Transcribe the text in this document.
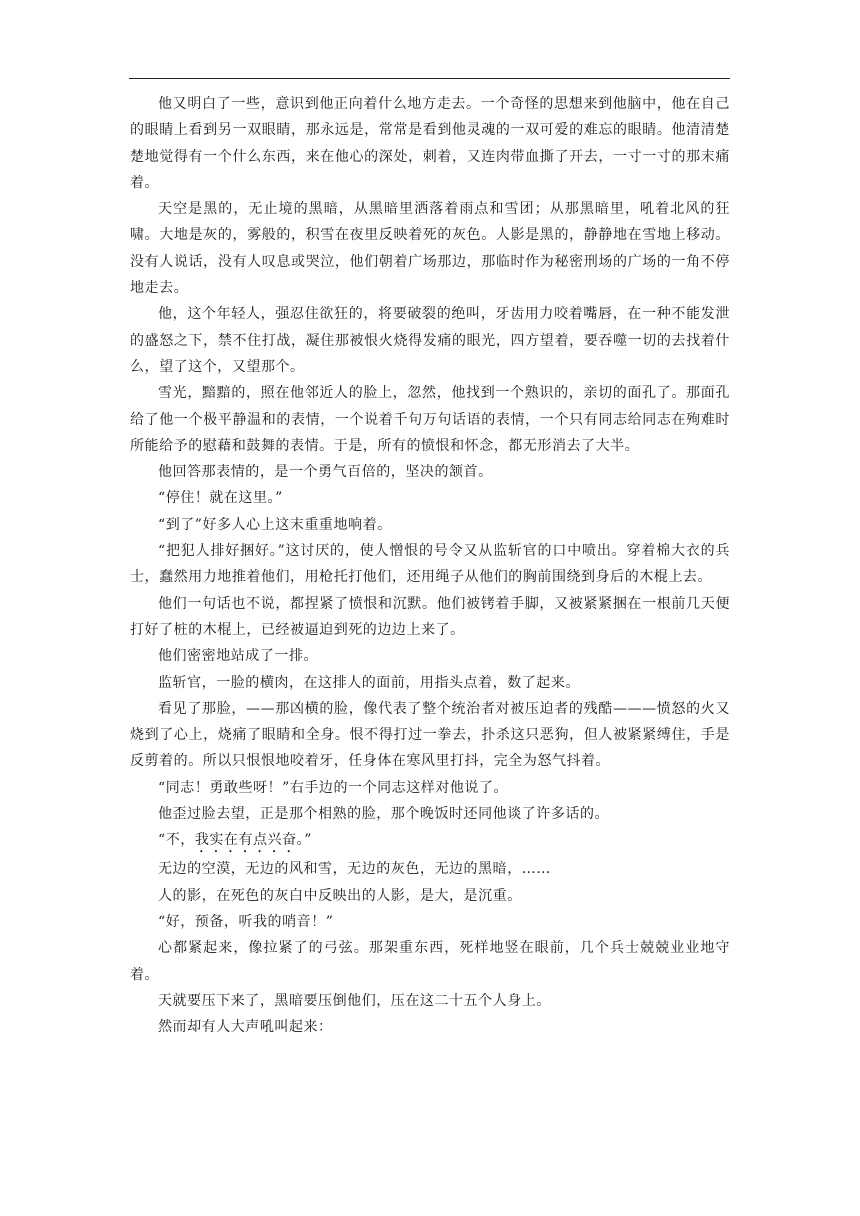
他又明白了一些，意识到他正向着什么地方走去。一个奇怪的思想来到他脑中，他在自己的眼睛上看到另一双眼睛，那永远是，常常是看到他灵魂的一双可爱的难忘的眼睛。他清清楚楚地觉得有一个什么东西，来在他心的深处，刺着，又连肉带血撕了开去，一寸一寸的那末痛着。

天空是黑的，无止境的黑暗，从黑暗里洒落着雨点和雪团；从那黑暗里，吼着北风的狂啸。大地是灰的，雾般的，积雪在夜里反映着死的灰色。人影是黑的，静静地在雪地上移动。没有人说话，没有人叹息或哭泣，他们朝着广场那边，那临时作为秘密刑场的广场的一角不停地走去。

他，这个年轻人，强忍住欲狂的，将要破裂的绝叫，牙齿用力咬着嘴唇，在一种不能发泄的盛怒之下，禁不住打战，凝住那被恨火烧得发痛的眼光，四方望着，要吞噬一切的去找着什么，望了这个，又望那个。

雪光，黯黯的，照在他邻近人的脸上，忽然，他找到一个熟识的，亲切的面孔了。那面孔给了他一个极平静温和的表情，一个说着千句万句话语的表情，一个只有同志给同志在殉难时所能给予的慰藉和鼓舞的表情。于是，所有的愤恨和怀念，都无形消去了大半。

他回答那表情的，是一个勇气百倍的，坚决的颔首。

“停住！就在这里。”

“到了”好多人心上这末重重地响着。

“把犯人排好捆好。”这讨厌的，使人憎恨的号令又从监斩官的口中喷出。穿着棉大衣的兵士，蠢然用力地推着他们，用枪托打他们，还用绳子从他们的胸前围绕到身后的木棍上去。

他们一句话也不说，都捏紧了愤恨和沉默。他们被铐着手脚，又被紧紧捆在一根前几天便打好了桩的木棍上，已经被逼迫到死的边边上来了。

他们密密地站成了一排。

监斩官，一脸的横肉，在这排人的面前，用指头点着，数了起来。

看见了那脸，——那凶横的脸，像代表了整个统治者对被压迫者的残酷———愤怒的火又烧到了心上，烧痛了眼睛和全身。恨不得打过一拳去，扑杀这只恶狗，但人被紧紧缚住，手是反剪着的。所以只恨恨地咬着牙，任身体在寒风里打抖，完全为怒气抖着。

“同志！勇敢些呀！”右手边的一个同志这样对他说了。

他歪过脸去望，正是那个相熟的脸，那个晚饭时还同他谈了许多话的。

“不，我实在有点兴奋。”

无边的空漠，无边的风和雪，无边的灰色，无边的黑暗，……

人的影，在死色的灰白中反映出的人影，是大，是沉重。

“好，预备，听我的哨音！”

心都紧起来，像拉紧了的弓弦。那架重东西，死样地竖在眼前，几个兵士兢兢业业地守着。

天就要压下来了，黑暗要压倒他们，压在这二十五个人身上。

然而却有人大声吼叫起来：
